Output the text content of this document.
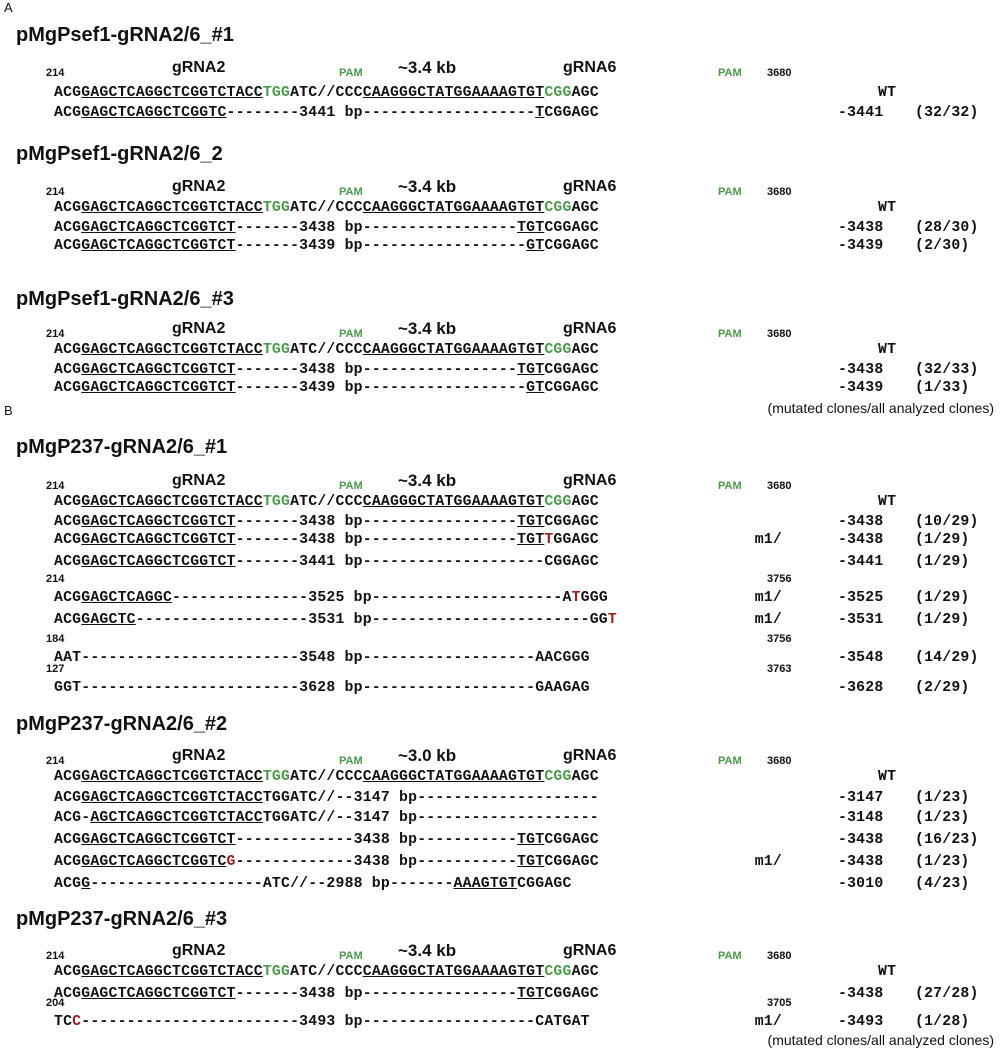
A
B
pMgPsef1-gRNA2/6_#1
214	gRNA2	PAM ~3.4 kb	gRNA6	PAM 3680
ACGGAGCTCAGGCTCGGTCTACCTGGATC//CCCCAAGGGCTATGGAAAAGTGTCGGAGC	WT
ACGGAGCTCAGGCTCGGTC--------3441 bp-------------------TCGGAGC	-3441 (32/32)
pMgPsef1-gRNA2/6_2
214	gRNA2	PAM ~3.4 kb	gRNA6	PAM 3680
ACGGAGCTCAGGCTCGGTCTACCTGGATC//CCCCAAGGGCTATGGAAAAGTGTCGGAGC	WT
ACGGAGCTCAGGCTCGGTCT-------3438 bp-----------------TGTCGGAGC	-3438 (28/30)
ACGGAGCTCAGGCTCGGTCT-------3439 bp------------------GTCGGAGC	-3439 (2/30)
pMgPsef1-gRNA2/6_#3
214	gRNA2	PAM ~3.4 kb	gRNA6	PAM 3680
ACGGAGCTCAGGCTCGGTCTACCTGGATC//CCCCAAGGGCTATGGAAAAGTGTCGGAGC	WT
ACGGAGCTCAGGCTCGGTCT-------3438 bp-----------------TGTCGGAGC	-3438 (32/33)
ACGGAGCTCAGGCTCGGTCT-------3439 bp------------------GTCGGAGC	-3439 (1/33)
pMgP237-gRNA2/6_#1
214	gRNA2	PAM ~3.4 kb	gRNA6	PAM 3680
ACGGAGCTCAGGCTCGGTCTACCTGGATC//CCCCAAGGGCTATGGAAAAGTGTCGGAGC	WT
ACGGAGCTCAGGCTCGGTCT-------3438 bp-----------------TGTCGGAGC	-3438 (10/29)
ACGGAGCTCAGGCTCGGTCT-------3438 bp-----------------TGTTGGAGC	m1/	-3438 (1/29)
ACGGAGCTCAGGCTCGGTCT-------3441 bp--------------------CGGAGC	-3441 (1/29)
214	3756
ACGGAGCTCAGGC---------------3525 bp---------------------ATGGG	m1/	-3525 (1/29)
ACGGAGCTC-------------------3531 bp------------------------GGT	m1/	-3531 (1/29)
184	3756
AAT------------------------3548 bp-------------------AACGGG	-3548 (14/29)
127	3763
GGT------------------------3628 bp-------------------GAAGAG	-3628 (2/29)
pMgP237-gRNA2/6_#2
214	gRNA2	PAM ~3.0 kb	gRNA6	PAM 3680
ACGGAGCTCAGGCTCGGTCTACCTGGATC//CCCCAAGGGCTATGGAAAAGTGTCGGAGC	WT
ACGGAGCTCAGGCTCGGTCTACCTGGATC//--3147 bp--------------------	-3147 (1/23)
ACG-AGCTCAGGCTCGGTCTACCTGGATC//--3147 bp--------------------	-3148 (1/23)
ACGGAGCTCAGGCTCGGTCT-------------3438 bp-----------TGTCGGAGC	-3438 (16/23)
ACGGAGCTCAGGCTCGGTCG-------------3438 bp-----------TGTCGGAGC	m1/	-3438 (1/23)
ACGG-------------------ATC//--2988 bp-------AAAGTGTCGGAGC	-3010 (4/23)
pMgP237-gRNA2/6_#3
214	gRNA2	PAM ~3.4 kb	gRNA6	PAM 3680
ACGGAGCTCAGGCTCGGTCTACCTGGATC//CCCCAAGGGCTATGGAAAAGTGTCGGAGC	WT
ACGGAGCTCAGGCTCGGTCT-------3438 bp-----------------TGTCGGAGC	-3438 (27/28)
204	3705
TCC------------------------3493 bp-------------------CATGAT	m1/	-3493 (1/28)
(mutated clones/all analyzed clones)
(mutated clones/all analyzed clones)
